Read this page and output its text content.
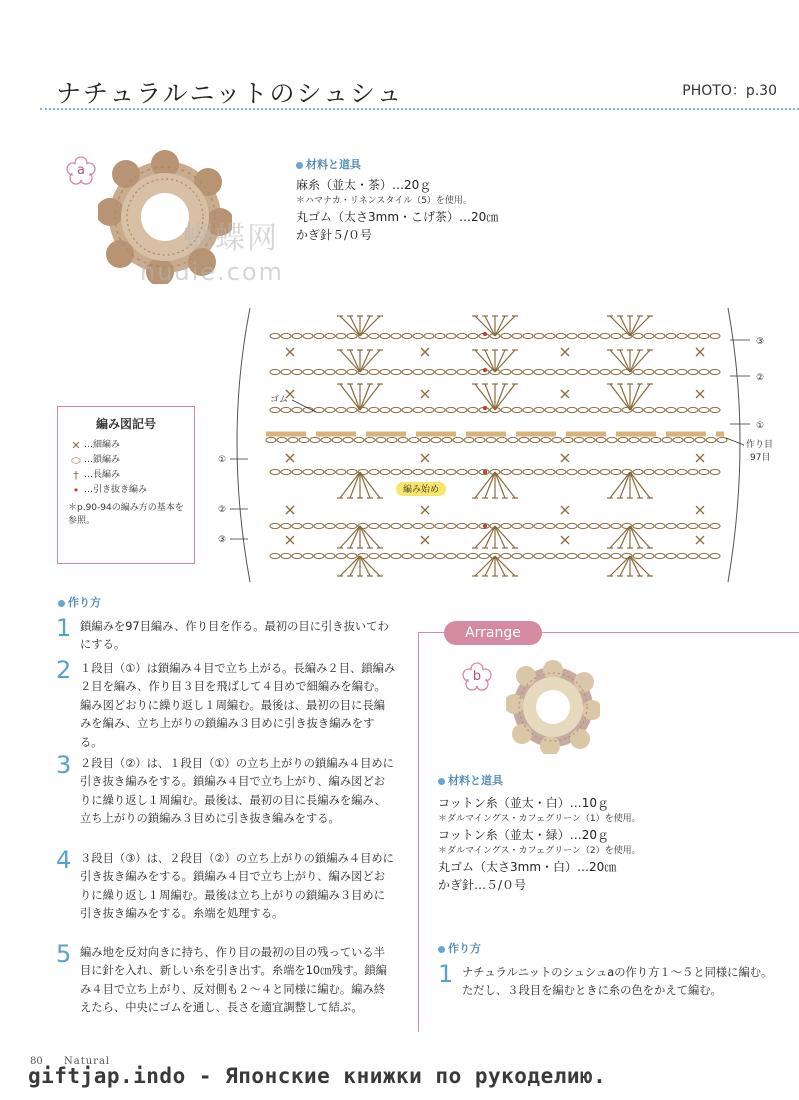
ナチュラルニットのシュシュ	PHOTO：p.30
a
蝴蝶网
hudie.com
材料と道具
麻糸（並太・茶）…20ｇ
＊ハマナカ・リネンスタイル（5）を使用。
丸ゴム（太さ3mm・こげ茶）…20㎝
かぎ針５/０号
編み図記号
✕ …細編み
⬭ …鎖編み
† …長編み
• …引き抜き編み
＊p.90-94の編み方の基本を参照。
ゴム
編み始め
作り目
97目
③
②
①
①
②
③
作り方
1 鎖編みを97目編み、作り目を作る。最初の目に引き抜いてわにする。
2 １段目（①）は鎖編み４目で立ち上がる。長編み２目、鎖編み２目を編み、作り目３目を飛ばして４目めで細編みを編む。編み図どおりに繰り返し１周編む。最後は、最初の目に長編みを編み、立ち上がりの鎖編み３目めに引き抜き編みをする。
3 ２段目（②）は、１段目（①）の立ち上がりの鎖編み４目めに引き抜き編みをする。鎖編み４目で立ち上がり、編み図どおりに繰り返し１周編む。最後は、最初の目に長編みを編み、立ち上がりの鎖編み３目めに引き抜き編みをする。
4 ３段目（③）は、２段目（②）の立ち上がりの鎖編み４目めに引き抜き編みをする。鎖編み４目で立ち上がり、編み図どおりに繰り返し１周編む。最後は立ち上がりの鎖編み３目めに引き抜き編みをする。糸端を処理する。
5 編み地を反対向きに持ち、作り目の最初の目の残っている半目に針を入れ、新しい糸を引き出す。糸端を10㎝残す。鎖編み４目で立ち上がり、反対側も２〜４と同様に編む。編み終えたら、中央にゴムを通し、長さを適宜調整して結ぶ。
Arrange
b
材料と道具
コットン糸（並太・白）…10ｇ
＊ダルマイングス・カフェグリーン（1）を使用。
コットン糸（並太・緑）…20ｇ
＊ダルマイングス・カフェグリーン（2）を使用。
丸ゴム（太さ3mm・白）…20㎝
かぎ針…５/０号
作り方
1 ナチュラルニットのシュシュaの作り方１〜５と同様に編む。ただし、３段目を編むときに糸の色をかえて編む。
80 Natural
giftjap.indo - Японские книжки по рукоделию.
